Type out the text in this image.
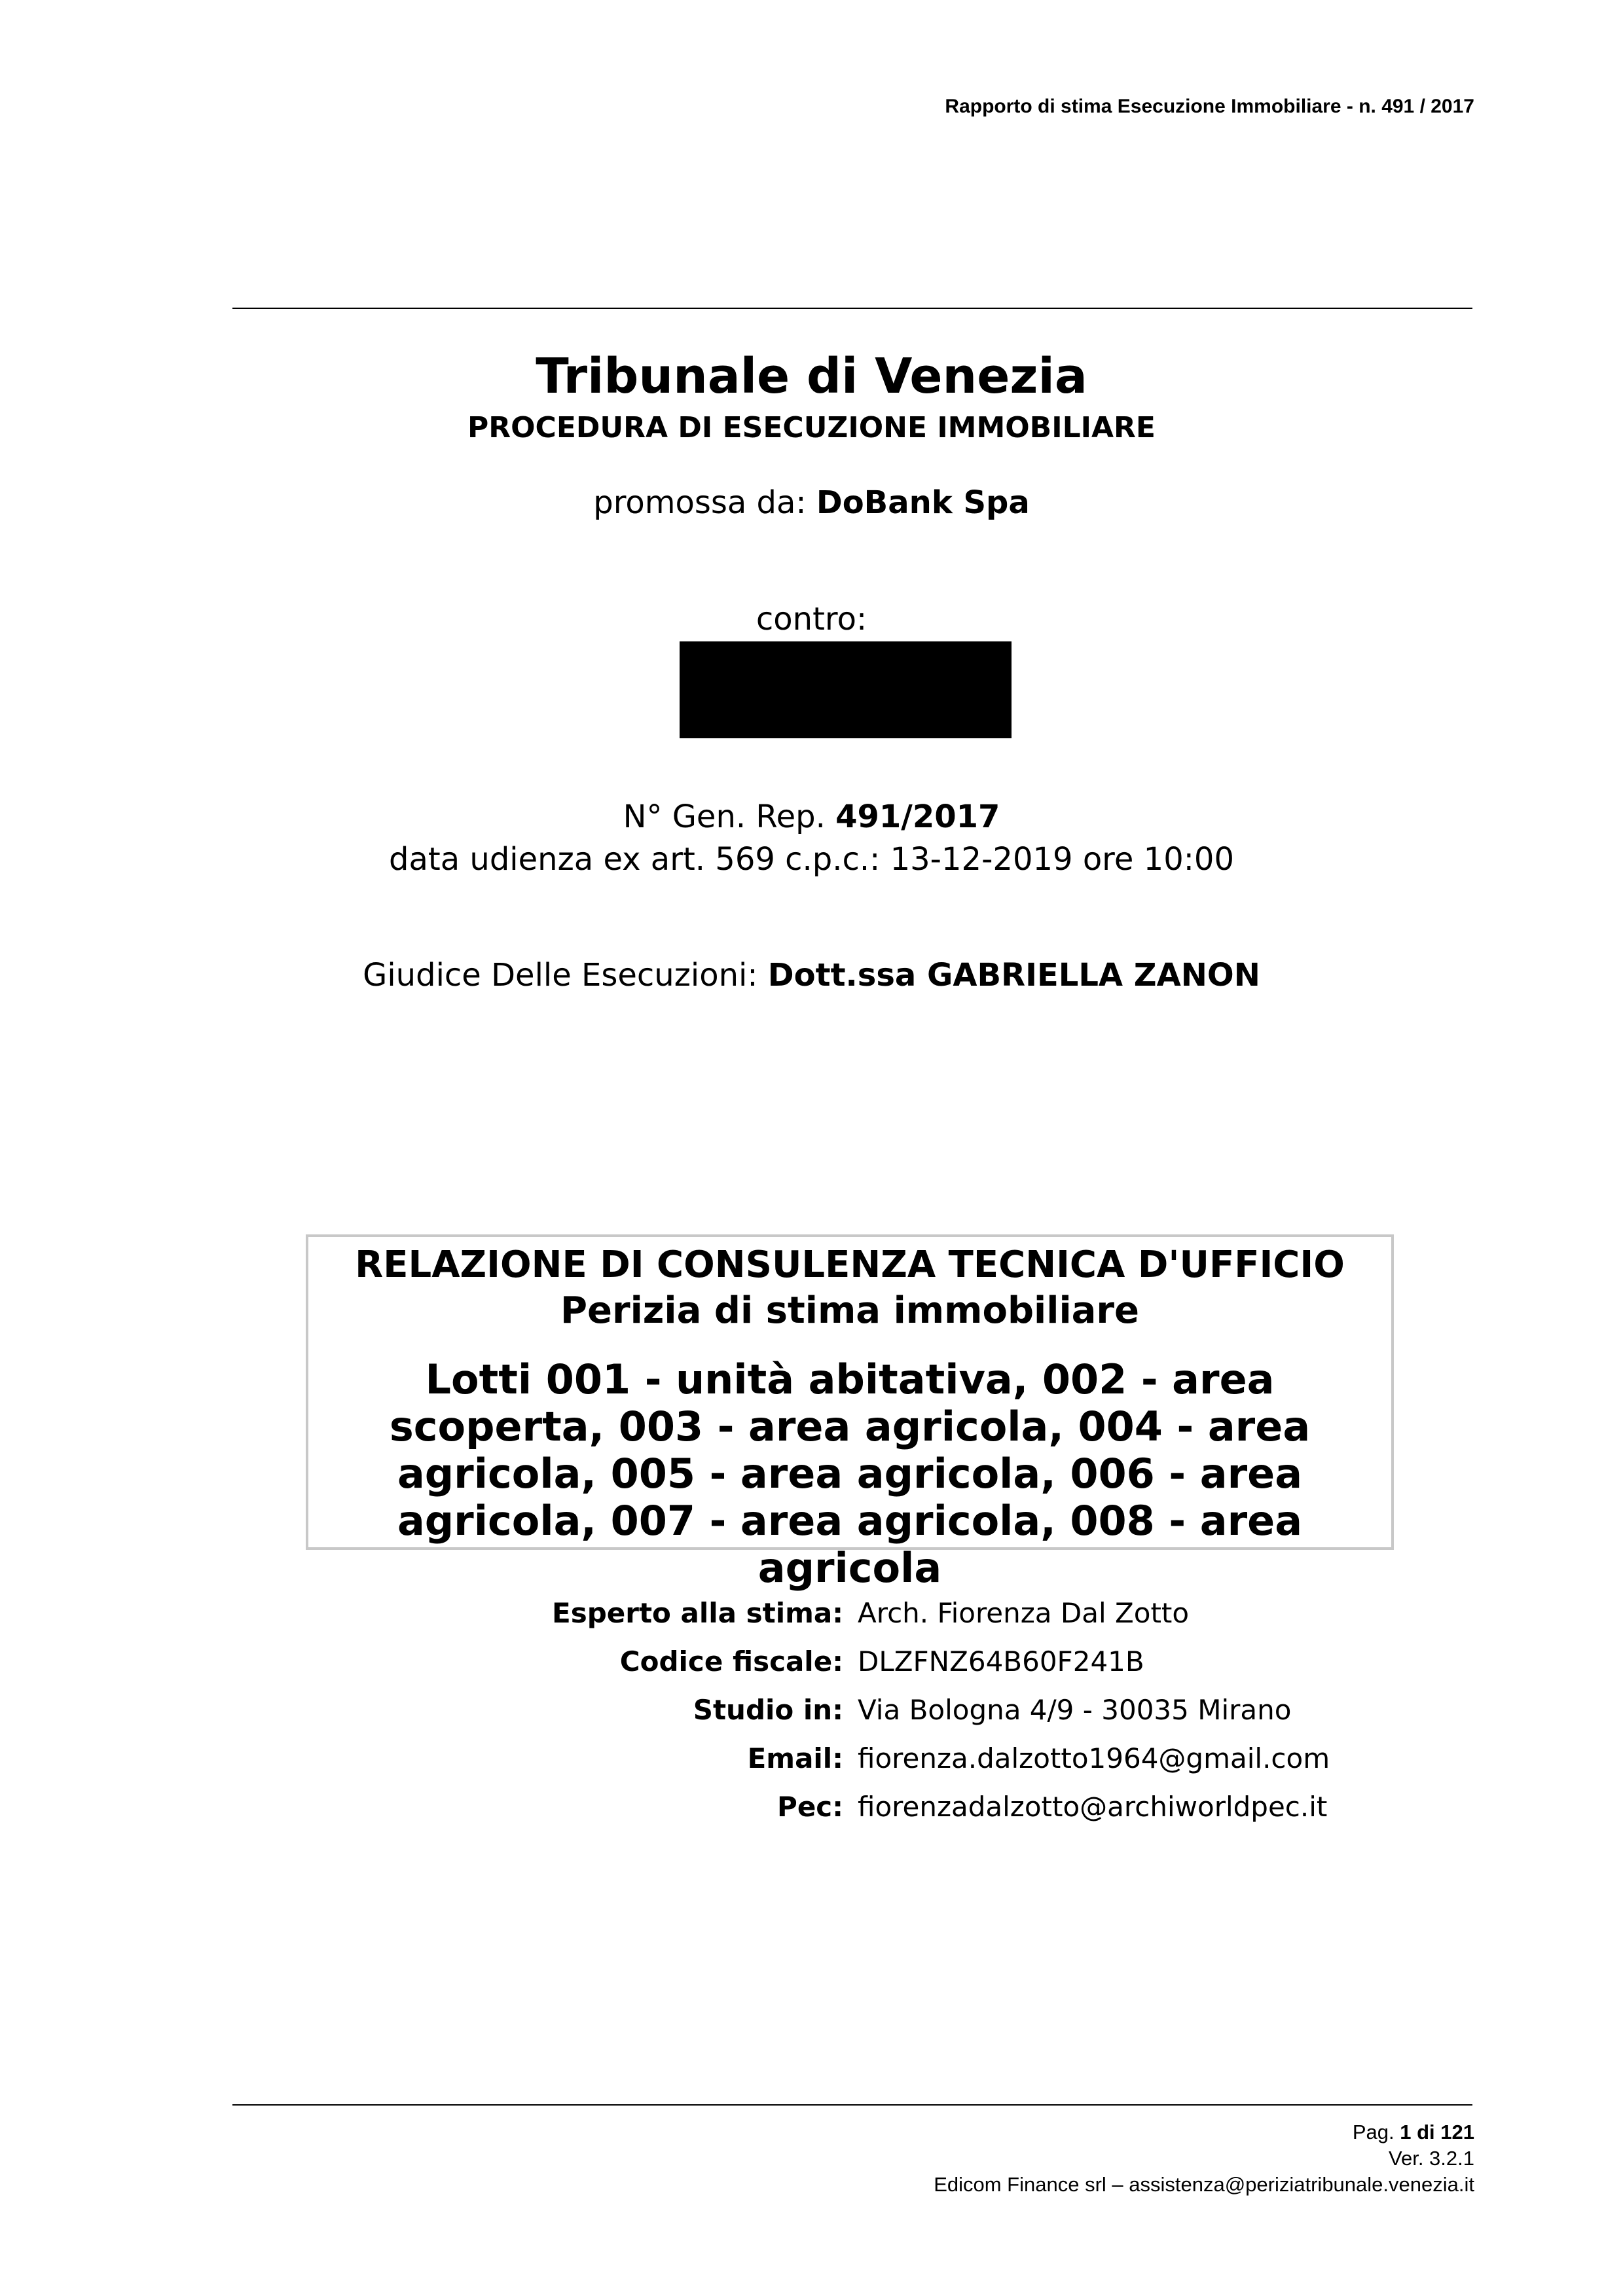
Rapporto di stima Esecuzione Immobiliare - n. 491 / 2017
Tribunale di Venezia
PROCEDURA DI ESECUZIONE IMMOBILIARE
promossa da: DoBank Spa
contro:
N° Gen. Rep. 491/2017
data udienza ex art. 569 c.p.c.: 13-12-2019 ore 10:00
Giudice Delle Esecuzioni: Dott.ssa GABRIELLA ZANON
RELAZIONE DI CONSULENZA TECNICA D'UFFICIO
Perizia di stima immobiliare
Lotti 001 - unità abitativa, 002 - area scoperta, 003 - area agricola, 004 - area agricola, 005 - area agricola, 006 - area agricola, 007 - area agricola, 008 - area agricola
Esperto alla stima: Arch. Fiorenza Dal Zotto
Codice fiscale: DLZFNZ64B60F241B
Studio in: Via Bologna 4/9 - 30035 Mirano
Email: fiorenza.dalzotto1964@gmail.com
Pec: fiorenzadalzotto@archiworldpec.it
Pag. 1 di 121
Ver. 3.2.1
Edicom Finance srl – assistenza@periziatribunale.venezia.it
